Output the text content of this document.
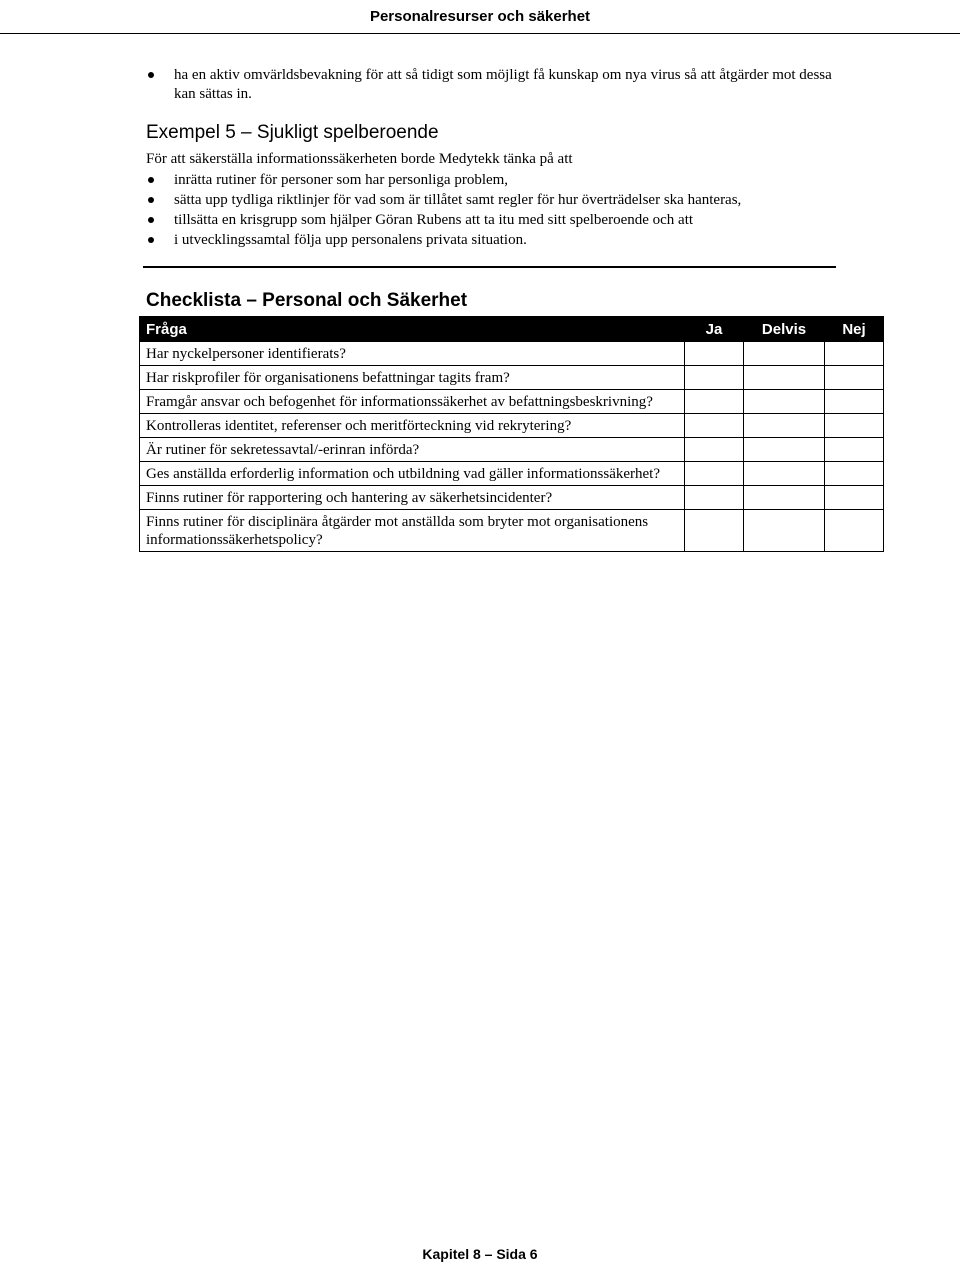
Personalresurser och säkerhet
ha en aktiv omvärldsbevakning för att så tidigt som möjligt få kunskap om nya virus så att åtgärder mot dessa kan sättas in.
Exempel 5 – Sjukligt spelberoende
För att säkerställa informationssäkerheten borde Medytekk tänka på att
inrätta rutiner för personer som har personliga problem,
sätta upp tydliga riktlinjer för vad som är tillåtet samt regler för hur överträdelser ska hanteras,
tillsätta en krisgrupp som hjälper Göran Rubens att ta itu med sitt spelberoende och att
i utvecklingssamtal följa upp personalens privata situation.
Checklista – Personal och Säkerhet
Fråga	Ja	Delvis	Nej
Har nyckelpersoner identifierats?			
Har riskprofiler för organisationens befattningar tagits fram?			
Framgår ansvar och befogenhet för informationssäkerhet av befattningsbeskrivning?			
Kontrolleras identitet, referenser och meritförteckning vid rekrytering?			
Är rutiner för sekretessavtal/-erinran införda?			
Ges anställda erforderlig information och utbildning vad gäller informationssäkerhet?			
Finns rutiner för rapportering och hantering av säkerhetsincidenter?			
Finns rutiner för disciplinära åtgärder mot anställda som bryter mot organisationens informationssäkerhetspolicy?			
Kapitel 8 – Sida 6
